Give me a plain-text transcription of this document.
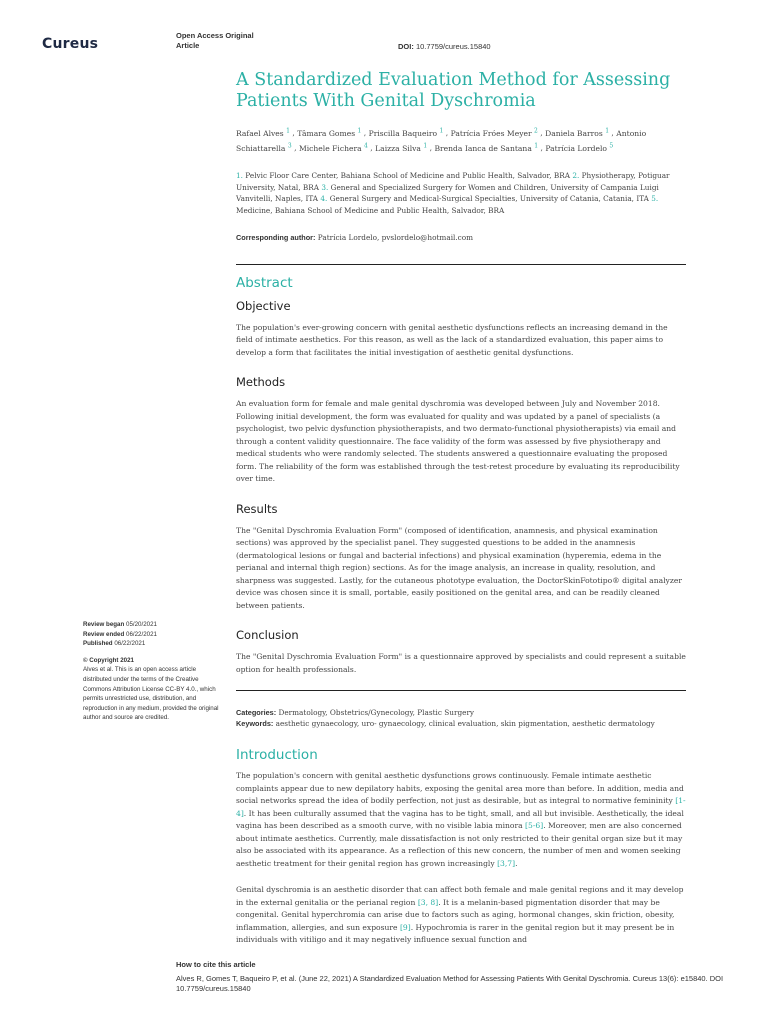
Cureus
Open Access Original
Article	DOI: 10.7759/cureus.15840
A Standardized Evaluation Method for Assessing
Patients With Genital Dyschromia
Rafael Alves $^1$ , Tâmara Gomes $^1$ , Priscilla Baqueiro $^1$ , Patrícia Fróes Meyer $^2$ , Daniela Barros $^1$ , Antonio Schiattarella $^3$ , Michele Fichera $^4$ , Laizza Silva $^1$ , Brenda Ianca de Santana $^1$ , Patrícia Lordelo $^5$
1. Pelvic Floor Care Center, Bahiana School of Medicine and Public Health, Salvador, BRA 2. Physiotherapy, Potiguar University, Natal, BRA 3. General and Specialized Surgery for Women and Children, University of Campania Luigi Vanvitelli, Naples, ITA 4. General Surgery and Medical-Surgical Specialties, University of Catania, Catania, ITA 5. Medicine, Bahiana School of Medicine and Public Health, Salvador, BRA
Corresponding author: Patrícia Lordelo, pvslordelo@hotmail.com
Abstract
Objective

The population's ever-growing concern with genital aesthetic dysfunctions reflects an increasing demand in the field of intimate aesthetics. For this reason, as well as the lack of a standardized evaluation, this paper aims to develop a form that facilitates the initial investigation of aesthetic genital dysfunctions.

Methods

An evaluation form for female and male genital dyschromia was developed between July and November 2018. Following initial development, the form was evaluated for quality and was updated by a panel of specialists (a psychologist, two pelvic dysfunction physiotherapists, and two dermato-functional physiotherapists) via email and through a content validity questionnaire. The face validity of the form was assessed by five physiotherapy and medical students who were randomly selected. The students answered a questionnaire evaluating the proposed form. The reliability of the form was established through the test-retest procedure by evaluating its reproducibility over time.

Results

The "Genital Dyschromia Evaluation Form" (composed of identification, anamnesis, and physical examination sections) was approved by the specialist panel. They suggested questions to be added in the anamnesis (dermatological lesions or fungal and bacterial infections) and physical examination (hyperemia, edema in the perianal and internal thigh region) sections. As for the image analysis, an increase in quality, resolution, and sharpness was suggested. Lastly, for the cutaneous phototype evaluation, the DoctorSkinFototipo® digital analyzer device was chosen since it is small, portable, easily positioned on the genital area, and can be readily cleaned between patients.

Conclusion

The "Genital Dyschromia Evaluation Form" is a questionnaire approved by specialists and could represent a suitable option for health professionals.

Categories: Dermatology, Obstetrics/Gynecology, Plastic Surgery
Keywords: aesthetic gynaecology, uro- gynaecology, clinical evaluation, skin pigmentation, aesthetic dermatology
Introduction

The population's concern with genital aesthetic dysfunctions grows continuously. Female intimate aesthetic complaints appear due to new depilatory habits, exposing the genital area more than before. In addition, media and social networks spread the idea of bodily perfection, not just as desirable, but as integral to normative femininity [1-4]. It has been culturally assumed that the vagina has to be tight, small, and all but invisible. Aesthetically, the ideal vagina has been described as a smooth curve, with no visible labia minora [5-6]. Moreover, men are also concerned about intimate aesthetics. Currently, male dissatisfaction is not only restricted to their genital organ size but it may also be associated with its appearance. As a reflection of this new concern, the number of men and women seeking aesthetic treatment for their genital region has grown increasingly [3,7].

Genital dyschromia is an aesthetic disorder that can affect both female and male genital regions and it may develop in the external genitalia or the perianal region [3, 8]. It is a melanin-based pigmentation disorder that may be congenital. Genital hyperchromia can arise due to factors such as aging, hormonal changes, skin friction, obesity, inflammation, allergies, and sun exposure [9]. Hypochromia is rarer in the genital region but it may present be in individuals with vitiligo and it may negatively influence sexual function and

Review began 05/20/2021
Review ended 06/22/2021
Published 06/22/2021
© Copyright 2021
Alves et al. This is an open access article distributed under the terms of the Creative Commons Attribution License CC-BY 4.0., which permits unrestricted use, distribution, and reproduction in any medium, provided the original author and source are credited.
How to cite this article
Alves R, Gomes T, Baqueiro P, et al. (June 22, 2021) A Standardized Evaluation Method for Assessing Patients With Genital Dyschromia. Cureus 13(6): e15840. DOI 10.7759/cureus.15840
